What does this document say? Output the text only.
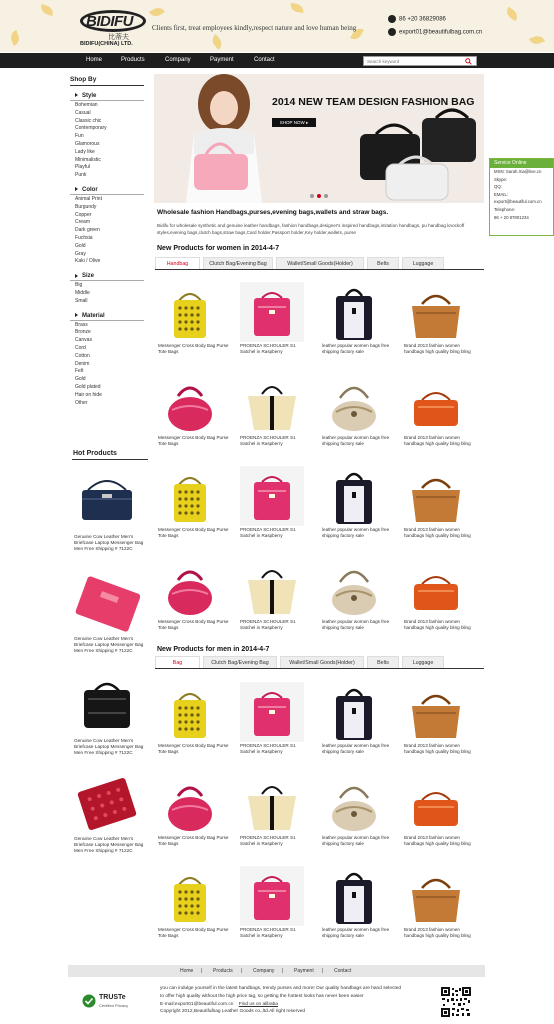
BIDIFU
比蒂夫
BIDIFU(CHINA) LTD.
Clients first, treat employees kindly,respect nature and love human being
86 +20 36829086
export01@beautifulbag.com.cn
Home	Products	Company	Payment	Contact
Search keyword
Shop By
Style
Bohemian
Casual
Classic chic
Contemporary
Fun
Glamorous
Lady like
Minimalistic
Playful
Punk
Color
Animal Print
Burgundy
Copper
Cream
Dark green
Fuchsia
Gold
Gray
Kaki / Olive
Size
Big
Middle
Small
Material
Brass
Bronze
Canvas
Cord
Cotton
Denim
Felt
Gold
Gold plated
Hair on hide
Other
Hot Products
Genuine Cow Leather Men's Briefcase Laptop Messenger Bag Men Free Shipping # 7122C
Genuine Cow Leather Men's Briefcase Laptop Messenger Bag Men Free Shipping # 7122C
Genuine Cow Leather Men's Briefcase Laptop Messenger Bag Men Free Shipping # 7122C
Genuine Cow Leather Men's Briefcase Laptop Messenger Bag Men Free Shipping # 7122C
2014 NEW TEAM DESIGN FASHION BAG
SHOP NOW ▸
Service Online
MSN: Sarah.Xia@live.cn
Skype:
QQ:
EMAIL:
export@beautiful.com.cn
Telephone:
86 + 20 87801234
Wholesale fashion Handbags,purses,evening bags,wallets and straw bags.
Bidifu for wholesale synthetic and genuine leather handbags, fashion handbags,designer's inspired handbags,imitation handbags, pu handbag knockoff styles,evening bags,clutch bags,straw bags,Card holder,Passport holder,Key holder,wallets, purse
New Products for women in 2014-4-7
Handbag	Clutch Bag/Evening Bag	Wallet/Small Goods(Holder)	Belts	Luggage
Messenger Cross Body Bag Purse Tote Bags
PROENZA SCHOULER S1 Satchel in Raspberry
leather popular women bags free shipping factory sale
Brand 2013 fashion women handbags high quality bling bling
Messenger Cross Body Bag Purse Tote Bags
PROENZA SCHOULER S1 Satchel in Raspberry
leather popular women bags free shipping factory sale
Brand 2013 fashion women handbags high quality bling bling
Messenger Cross Body Bag Purse Tote Bags
PROENZA SCHOULER S1 Satchel in Raspberry
leather popular women bags free shipping factory sale
Brand 2013 fashion women handbags high quality bling bling
Messenger Cross Body Bag Purse Tote Bags
PROENZA SCHOULER S1 Satchel in Raspberry
leather popular women bags free shipping factory sale
Brand 2013 fashion women handbags high quality bling bling
New Products for men in 2014-4-7
Bag	Clutch Bag/Evening Bag	Wallet/Small Goods(Holder)	Belts	Luggage
Messenger Cross Body Bag Purse Tote Bags
PROENZA SCHOULER S1 Satchel in Raspberry
leather popular women bags free shipping factory sale
Brand 2013 fashion women handbags high quality bling bling
Messenger Cross Body Bag Purse Tote Bags
PROENZA SCHOULER S1 Satchel in Raspberry
leather popular women bags free shipping factory sale
Brand 2013 fashion women handbags high quality bling bling
Messenger Cross Body Bag Purse Tote Bags
PROENZA SCHOULER S1 Satchel in Raspberry
leather popular women bags free shipping factory sale
Brand 2013 fashion women handbags high quality bling bling
Home | Products | Company | Payment | Contact
TRUSTe
Certified Privacy
you can indulge yourself in the latest handbags, trendy purses and more! Our quality handbags are hand selected
to offer high quality without the high price tag, so getting the hottest looks has never been easier
E-mail:export01@beautiful.com.cn Find us on alibaba
Copyright 2012,Beautifulbag Leather Goods co.,ltd.All right reserved
